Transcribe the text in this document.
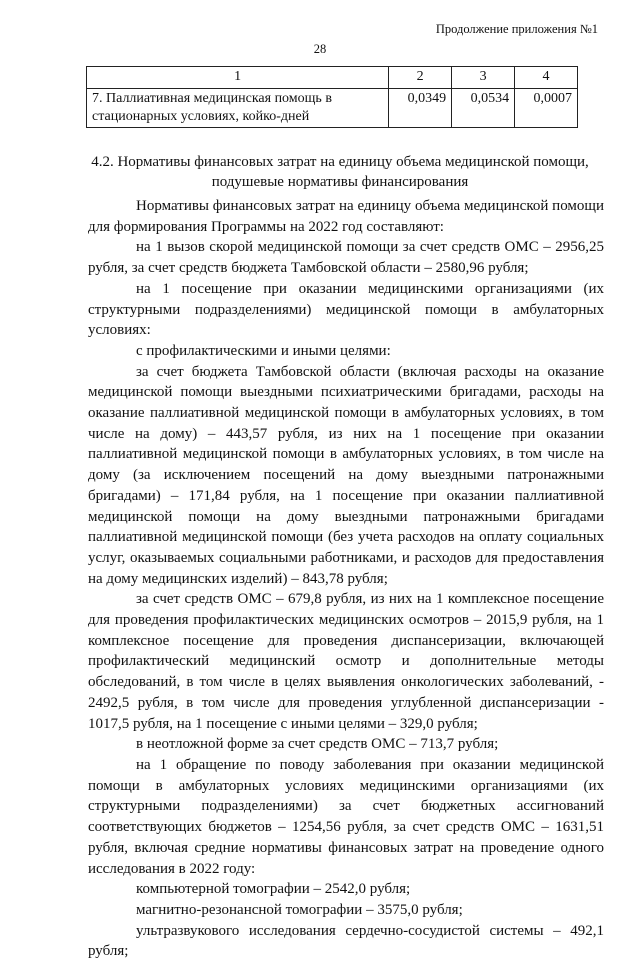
Продолжение приложения №1
28
1	2	3	4
7. Паллиативная медицинская помощь в стационарных условиях, койко-дней	0,0349	0,0534	0,0007
4.2. Нормативы финансовых затрат на единицу объема медицинской помощи, подушевые нормативы финансирования

Нормативы финансовых затрат на единицу объема медицинской помощи для формирования Программы на 2022 год составляют:

на 1 вызов скорой медицинской помощи за счет средств ОМС – 2956,25 рубля, за счет средств бюджета Тамбовской области – 2580,96 рубля;

на 1 посещение при оказании медицинскими организациями (их структурными подразделениями) медицинской помощи в амбулаторных условиях:

с профилактическими и иными целями:

за счет бюджета Тамбовской области (включая расходы на оказание медицинской помощи выездными психиатрическими бригадами, расходы на оказание паллиативной медицинской помощи в амбулаторных условиях, в том числе на дому) – 443,57 рубля, из них на 1 посещение при оказании паллиативной медицинской помощи в амбулаторных условиях, в том числе на дому (за исключением посещений на дому выездными патронажными бригадами) – 171,84 рубля, на 1 посещение при оказании паллиативной медицинской помощи на дому выездными патронажными бригадами паллиативной медицинской помощи (без учета расходов на оплату социальных услуг, оказываемых социальными работниками, и расходов для предоставления на дому медицинских изделий) – 843,78 рубля;

за счет средств ОМС – 679,8 рубля, из них на 1 комплексное посещение для проведения профилактических медицинских осмотров – 2015,9 рубля, на 1 комплексное посещение для проведения диспансеризации, включающей профилактический медицинский осмотр и дополнительные методы обследований, в том числе в целях выявления онкологических заболеваний, - 2492,5 рубля, в том числе для проведения углубленной диспансеризации - 1017,5 рубля, на 1 посещение с иными целями – 329,0 рубля;

в неотложной форме за счет средств ОМС – 713,7 рубля;

на 1 обращение по поводу заболевания при оказании медицинской помощи в амбулаторных условиях медицинскими организациями (их структурными подразделениями) за счет бюджетных ассигнований соответствующих бюджетов – 1254,56 рубля, за счет средств ОМС – 1631,51 рубля, включая средние нормативы финансовых затрат на проведение одного исследования в 2022 году:

компьютерной томографии – 2542,0 рубля;

магнитно-резонансной томографии – 3575,0 рубля;

ультразвукового исследования сердечно-сосудистой системы – 492,1 рубля;
